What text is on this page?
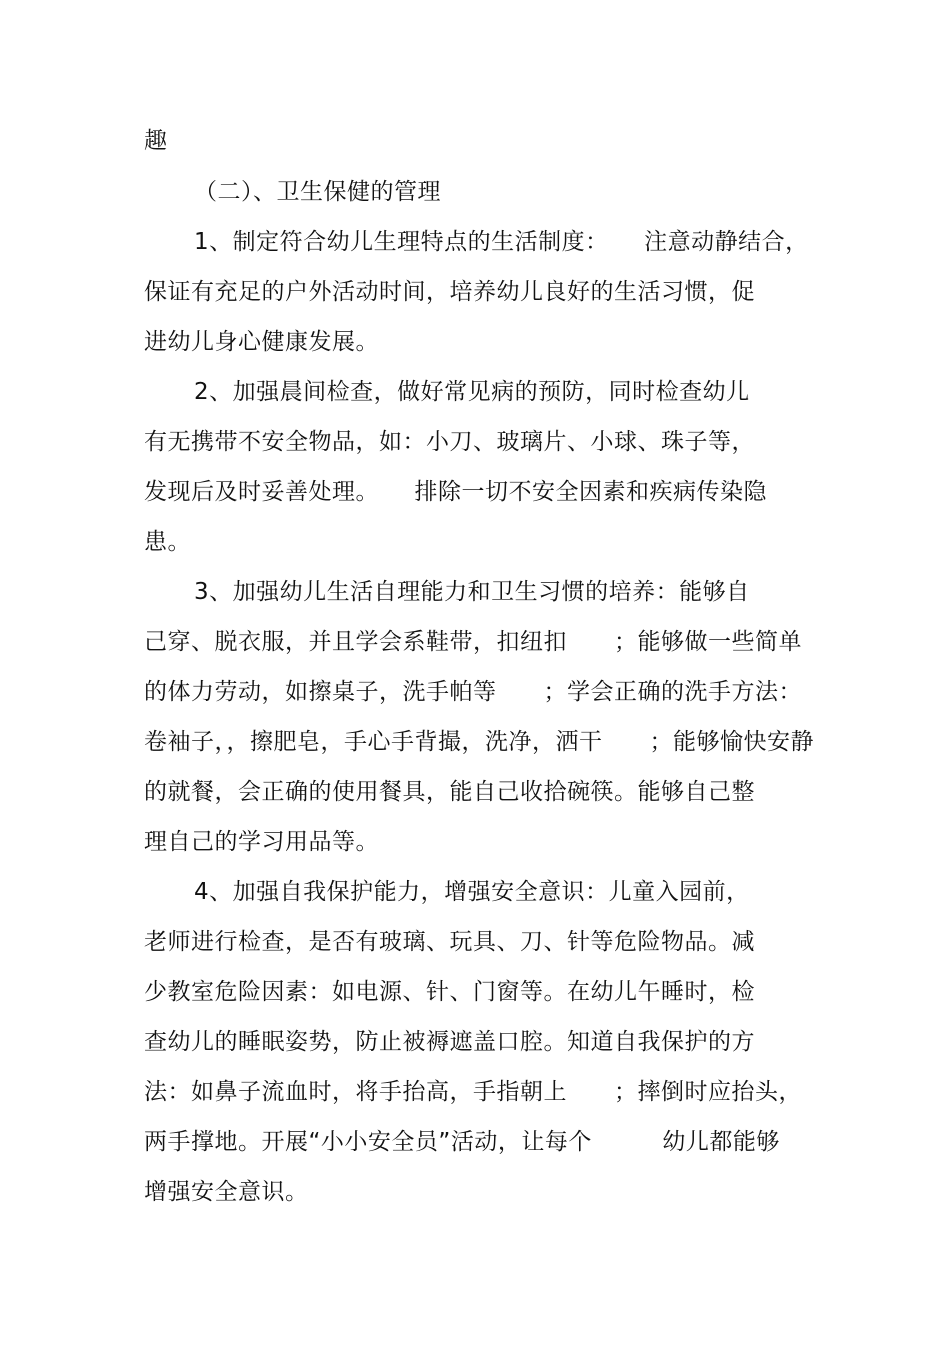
趣
（二）、卫生保健的管理
1、制定符合幼儿生理特点的生活制度：　　注意动静结合，
保证有充足的户外活动时间，培养幼儿良好的生活习惯，促
进幼儿身心健康发展。
2、加强晨间检查，做好常见病的预防，同时检查幼儿
有无携带不安全物品，如：小刀、玻璃片、小球、珠子等，
发现后及时妥善处理。　　排除一切不安全因素和疾病传染隐
患。
3、加强幼儿生活自理能力和卫生习惯的培养：能够自
己穿、脱衣服，并且学会系鞋带，扣纽扣　　；能够做一些简单
的体力劳动，如擦桌子，洗手帕等　　；学会正确的洗手方法：
卷袖子，，擦肥皂，手心手背撮，洗净，洒干　　；能够愉快安静
的就餐，会正确的使用餐具，能自己收拾碗筷。能够自己整
理自己的学习用品等。
4、加强自我保护能力，增强安全意识：儿童入园前，
老师进行检查，是否有玻璃、玩具、刀、针等危险物品。减
少教室危险因素：如电源、针、门窗等。在幼儿午睡时，检
查幼儿的睡眠姿势，防止被褥遮盖口腔。知道自我保护的方
法：如鼻子流血时，将手抬高，手指朝上　　；摔倒时应抬头，
两手撑地。开展“小小安全员”活动，让每个　　　幼儿都能够
增强安全意识。
